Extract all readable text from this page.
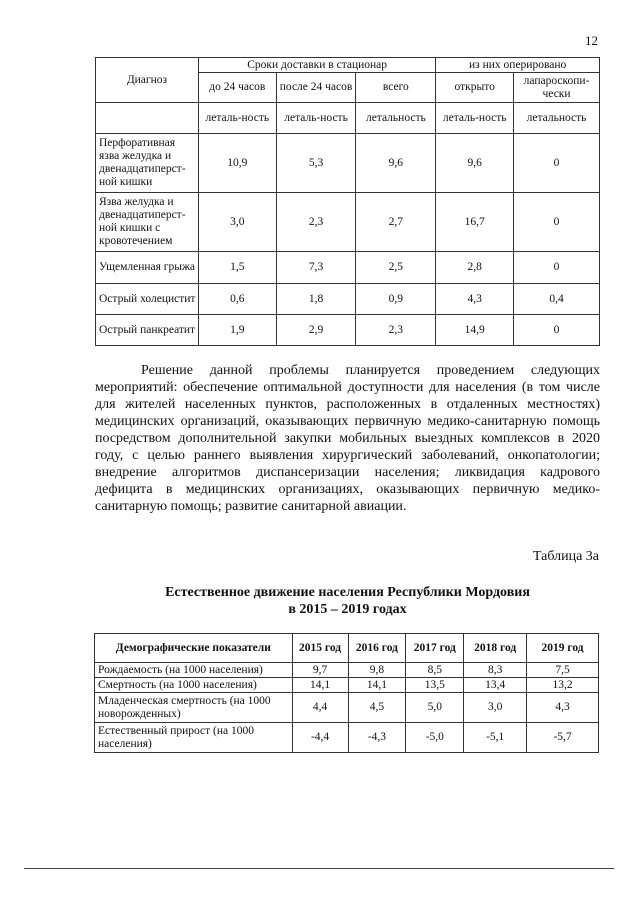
12
Диагноз	Сроки доставки в стационар			из них оперировано	
	до 24 часов	после 24 часов	всего	открыто	лапароскопи-чески
	леталь-ность	леталь-ность	летальность	леталь-ность	летальность
Перфоративная язва желудка и двенадцатиперст-ной кишки	10,9	5,3	9,6	9,6	0
Язва желудка и двенадцатиперст-ной кишки с кровотечением	3,0	2,3	2,7	16,7	0
Ущемленная грыжа	1,5	7,3	2,5	2,8	0
Острый холецистит	0,6	1,8	0,9	4,3	0,4
Острый панкреатит	1,9	2,9	2,3	14,9	0

Решение данной проблемы планируется проведением следующих мероприятий: обеспечение оптимальной доступности для населения (в том числе для жителей населенных пунктов, расположенных в отдаленных местностях) медицинских организаций, оказывающих первичную медико-санитарную помощь посредством дополнительной закупки мобильных выездных комплексов в 2020 году, с целью раннего выявления хирургический заболеваний, онкопатологии; внедрение алгоритмов диспансеризации населения; ликвидация кадрового дефицита в медицинских организациях, оказывающих первичную медико-санитарную помощь; развитие санитарной авиации.

Таблица 3а
Естественное движение населения Республики Мордовия
в 2015 – 2019 годах
Демографические показатели	2015 год	2016 год	2017 год	2018 год	2019 год
Рождаемость (на 1000 населения)	9,7	9,8	8,5	8,3	7,5
Смертность (на 1000 населения)	14,1	14,1	13,5	13,4	13,2
Младенческая смертность (на 1000 новорожденных)	4,4	4,5	5,0	3,0	4,3
Естественный прирост (на 1000 населения)	-4,4	-4,3	-5,0	-5,1	-5,7
